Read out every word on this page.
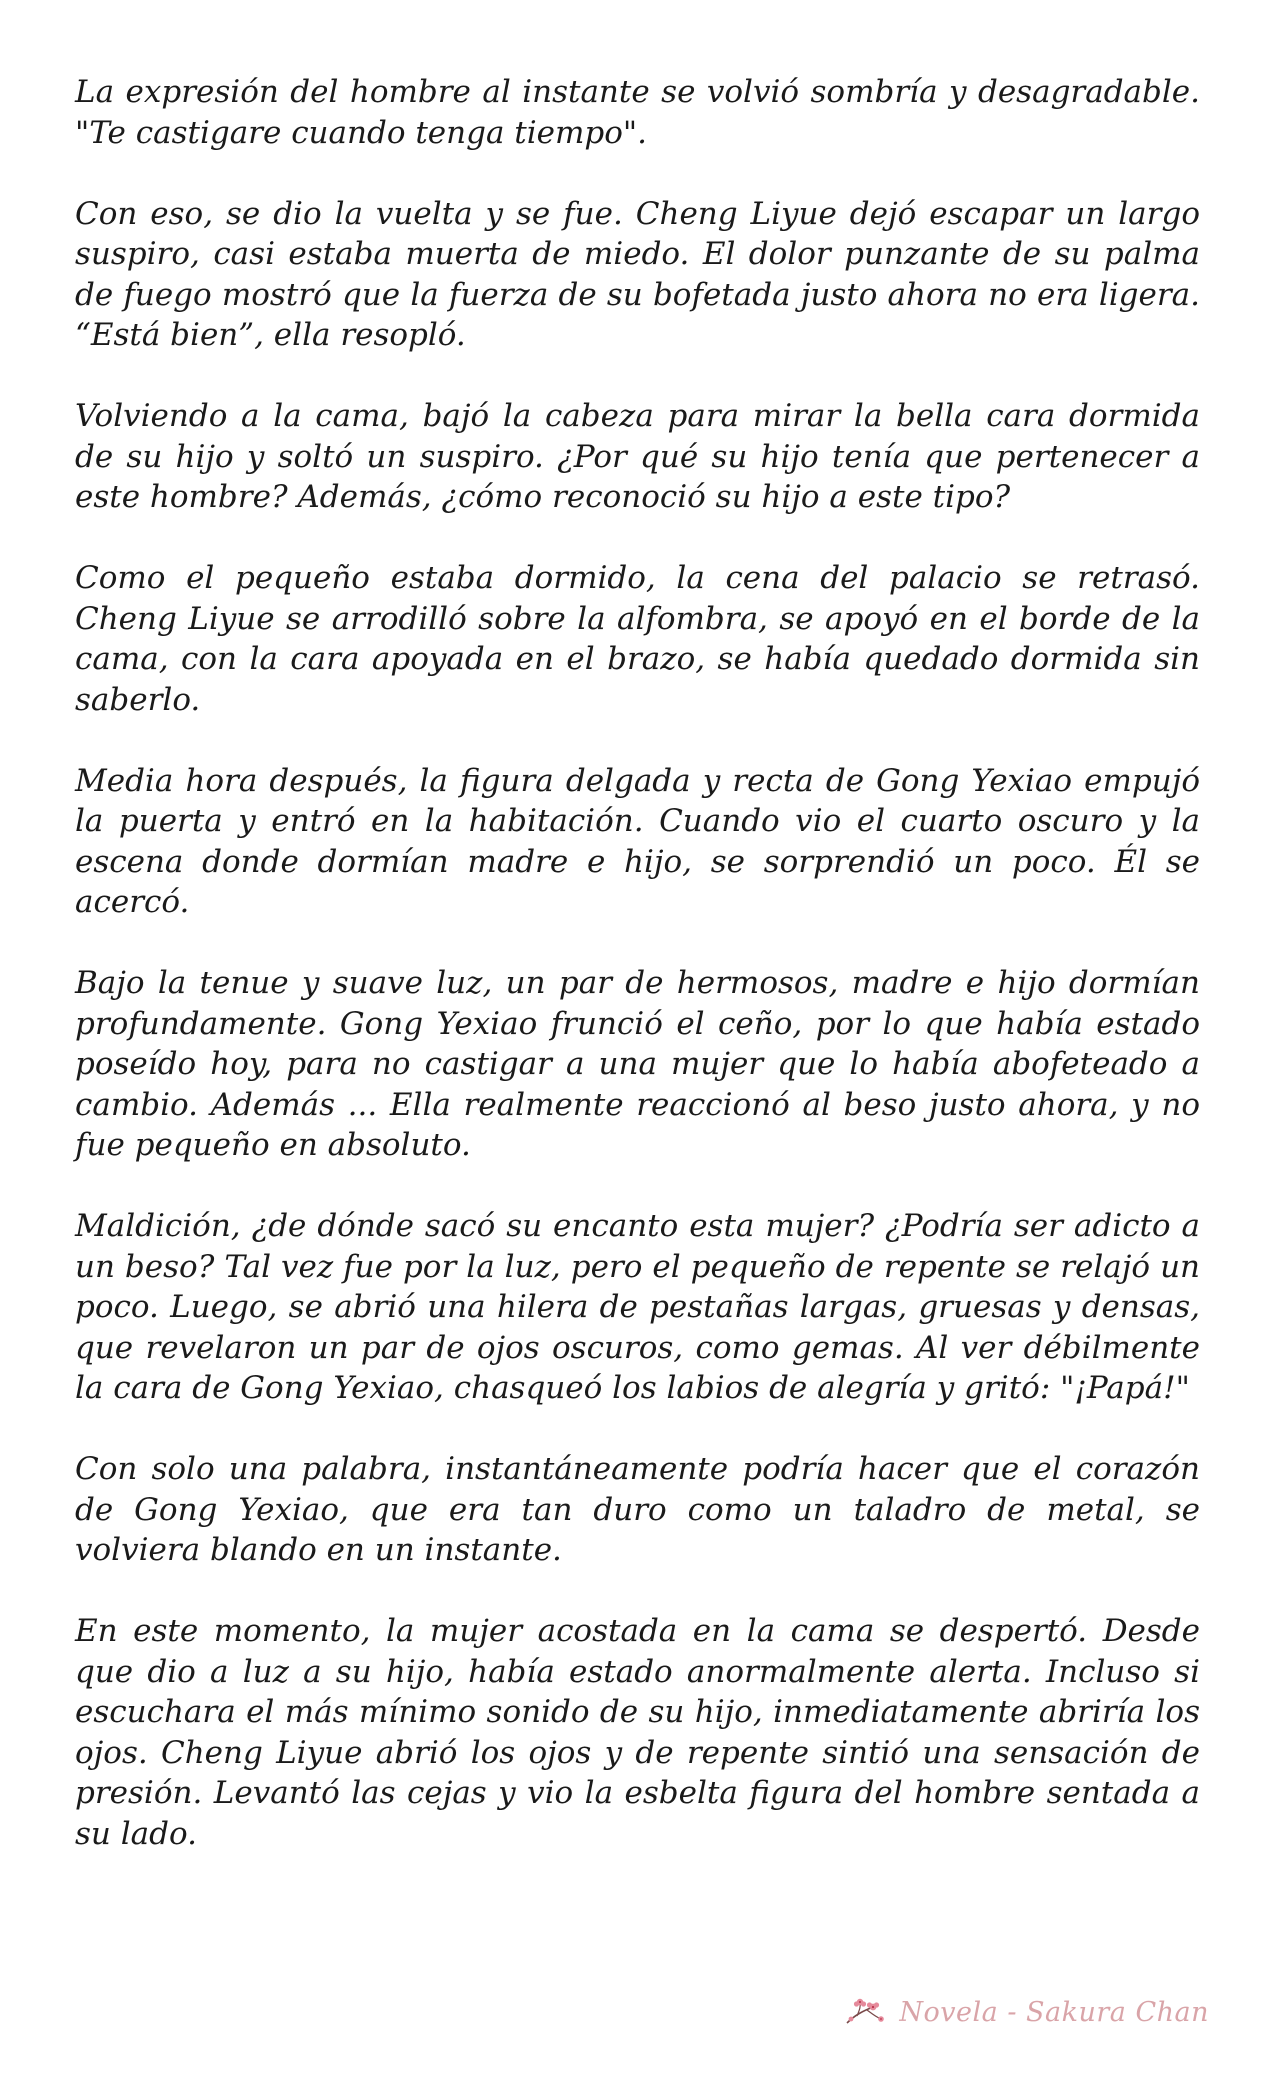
La expresión del hombre al instante se volvió sombría y desagradable. "Te castigare cuando tenga tiempo".

Con eso, se dio la vuelta y se fue. Cheng Liyue dejó escapar un largo suspiro, casi estaba muerta de miedo. El dolor punzante de su palma de fuego mostró que la fuerza de su bofetada justo ahora no era ligera. “Está bien”, ella resopló.

Volviendo a la cama, bajó la cabeza para mirar la bella cara dormida de su hijo y soltó un suspiro. ¿Por qué su hijo tenía que pertenecer a este hombre? Además, ¿cómo reconoció su hijo a este tipo?

Como el pequeño estaba dormido, la cena del palacio se retrasó. Cheng Liyue se arrodilló sobre la alfombra, se apoyó en el borde de la cama, con la cara apoyada en el brazo, se había quedado dormida sin saberlo.

Media hora después, la figura delgada y recta de Gong Yexiao empujó la puerta y entró en la habitación. Cuando vio el cuarto oscuro y la escena donde dormían madre e hijo, se sorprendió un poco. Él se acercó.

Bajo la tenue y suave luz, un par de hermosos, madre e hijo dormían profundamente. Gong Yexiao frunció el ceño, por lo que había estado poseído hoy, para no castigar a una mujer que lo había abofeteado a cambio. Además ... Ella realmente reaccionó al beso justo ahora, y no fue pequeño en absoluto.

Maldición, ¿de dónde sacó su encanto esta mujer? ¿Podría ser adicto a un beso? Tal vez fue por la luz, pero el pequeño de repente se relajó un poco. Luego, se abrió una hilera de pestañas largas, gruesas y densas, que revelaron un par de ojos oscuros, como gemas. Al ver débilmente la cara de Gong Yexiao, chasqueó los labios de alegría y gritó: "¡Papá!"

Con solo una palabra, instantáneamente podría hacer que el corazón de Gong Yexiao, que era tan duro como un taladro de metal, se volviera blando en un instante.

En este momento, la mujer acostada en la cama se despertó. Desde que dio a luz a su hijo, había estado anormalmente alerta. Incluso si escuchara el más mínimo sonido de su hijo, inmediatamente abriría los ojos. Cheng Liyue abrió los ojos y de repente sintió una sensación de presión. Levantó las cejas y vio la esbelta figura del hombre sentada a su lado.

Novela - Sakura Chan
